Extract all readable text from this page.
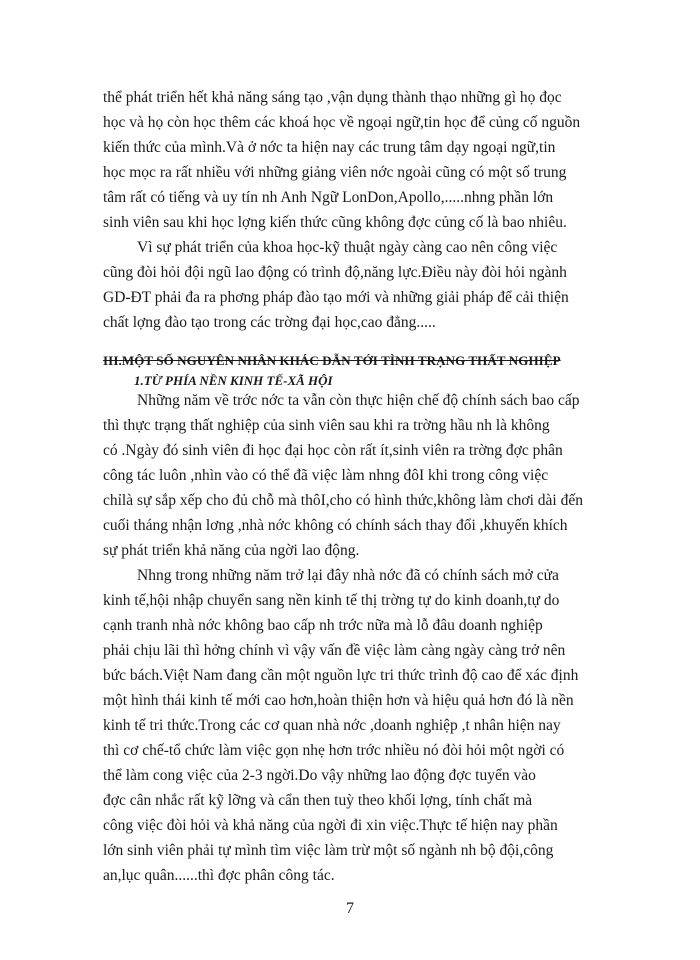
thể phát triển hết khả năng sáng tạo ,vận dụng thành thạo những gì họ đọc
học và họ còn học thêm các khoá học về ngoại ngữ,tin học để củng cố nguồn
kiến thức của mình.Và ở nớc ta hiện nay các trung tâm dạy ngoại ngữ,tin
học mọc ra rất nhiều với những giảng viên nớc ngoài cũng có một số trung
tâm rất có tiếng và uy tín nh Anh Ngữ LonDon,Apollo,.....nhng phần lớn
sinh viên sau khi học lợng kiến thức cũng không đợc củng cố là bao nhiêu.
Vì sự phát triển của khoa học-kỹ thuật ngày càng cao nên công việc
cũng đòi hỏi đội ngũ lao động có trình độ,năng lực.Điều này đòi hỏi ngành
GD-ĐT phải đa ra phơng pháp đào tạo mới và những giải pháp để cải thiện
chất lợng đào tạo trong các trờng đại học,cao đẳng.....
III.MỘT SỐ NGUYÊN NHÂN KHÁC DẪN TỚI TÌNH TRẠNG THẤT NGHIỆP
1.TỪ PHÍA NỀN KINH TẾ-XÃ HỘI
Những năm về trớc nớc ta vẫn còn thực hiện chế độ chính sách bao cấp
thì thực trạng thất nghiệp của sinh viên sau khi ra trờng hầu nh là không
có .Ngày đó sinh viên đi học đại học còn rất ít,sinh viên ra trờng đợc phân
công tác luôn ,nhìn vào có thể đã việc làm nhng đôI khi trong công việc
chỉlà sự sắp xếp cho đủ chỗ mà thôI,cho có hình thức,không làm chơi dài đến
cuối tháng nhận lơng ,nhà nớc không có chính sách thay đổi ,khuyến khích
sự phát triển khả năng của ngời lao động.
Nhng trong những năm trở lại đây nhà nớc đã có chính sách mở cửa
kinh tế,hội nhập chuyển sang nền kinh tế thị trờng tự do kinh doanh,tự do
cạnh tranh nhà nớc không bao cấp nh trớc nữa mà lỗ đâu doanh nghiệp
phải chịu lãi thì hởng chính vì vậy vấn đề việc làm càng ngày càng trở nên
bức bách.Việt Nam đang cần một nguồn lực tri thức trình độ cao để xác định
một hình thái kinh tế mới cao hơn,hoàn thiện hơn và hiệu quả hơn đó là nền
kinh tế tri thức.Trong các cơ quan nhà nớc ,doanh nghiệp ,t nhân hiện nay
thì cơ chế-tổ chức làm việc gọn nhẹ hơn trớc nhiều nó đòi hỏi một ngời có
thể làm cong việc của 2-3 ngời.Do vậy những lao động đợc tuyển vào
đợc cân nhắc rất kỹ lỡng và cẩn then tuỳ theo khối lợng, tính chất mà
công việc đòi hỏi và khả năng của ngời đi xin việc.Thực tế hiện nay phần
lớn sinh viên phải tự mình tìm việc làm trừ một số ngành nh bộ đội,công
an,lục quân......thì đợc phân công tác.
7
